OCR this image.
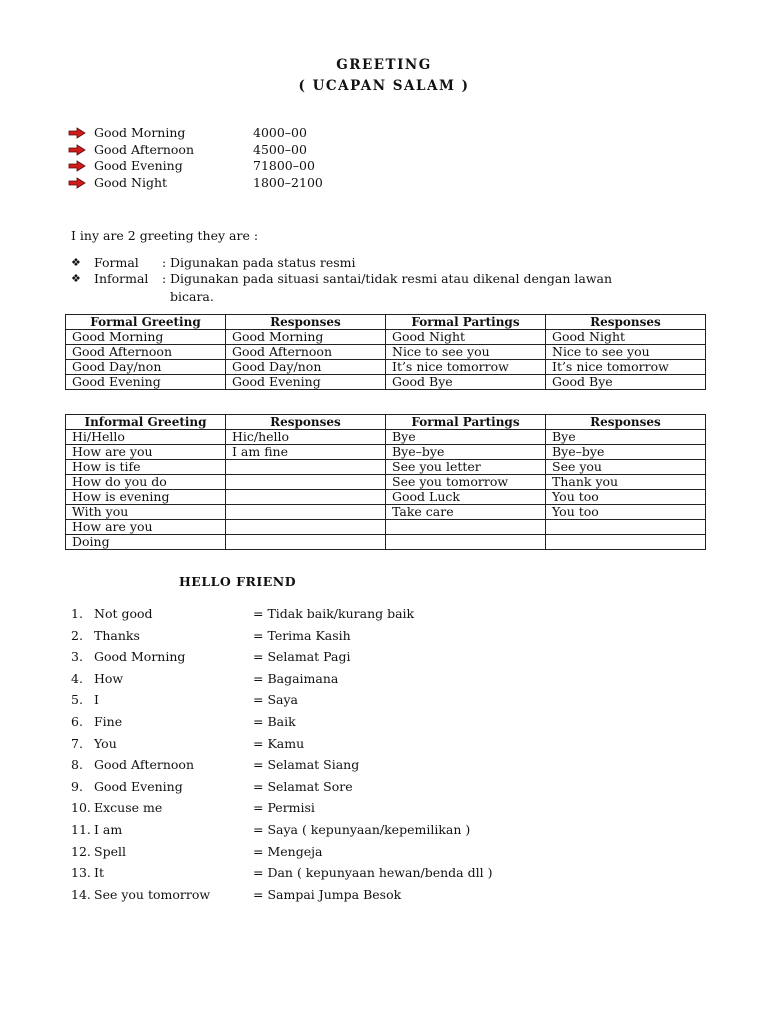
GREETING
( UCAPAN SALAM )
Good Morning	4000–00
Good Afternoon	4500–00
Good Evening	71800–00
Good Night	1800–2100
I iny are 2 greeting they are :
❖ Formal : Digunakan pada status resmi
❖ Informal : Digunakan pada situasi santai/tidak resmi atau dikenal dengan lawan
bicara.
Formal Greeting	Responses	Formal Partings	Responses
Good Morning	Good Morning	Good Night	Good Night
Good Afternoon	Good Afternoon	Nice to see you	Nice to see you
Good Day/non	Good Day/non	It’s nice tomorrow	It’s nice tomorrow
Good Evening	Good Evening	Good Bye	Good Bye
Informal Greeting	Responses	Formal Partings	Responses
Hi/Hello	Hic/hello	Bye	Bye
How are you	I am fine	Bye–bye	Bye–bye
How is tife		See you letter	See you
How do you do		See you tomorrow	Thank you
How is evening		Good Luck	You too
With you		Take care	You too
How are you			
Doing			
HELLO FRIEND
1. Not good	= Tidak baik/kurang baik
2. Thanks	= Terima Kasih
3. Good Morning	= Selamat Pagi
4. How	= Bagaimana
5. I	= Saya
6. Fine	= Baik
7. You	= Kamu
8. Good Afternoon	= Selamat Siang
9. Good Evening	= Selamat Sore
10. Excuse me	= Permisi
11. I am	= Saya ( kepunyaan/kepemilikan )
12. Spell	= Mengeja
13. It	= Dan ( kepunyaan hewan/benda dll )
14. See you tomorrow	= Sampai Jumpa Besok
